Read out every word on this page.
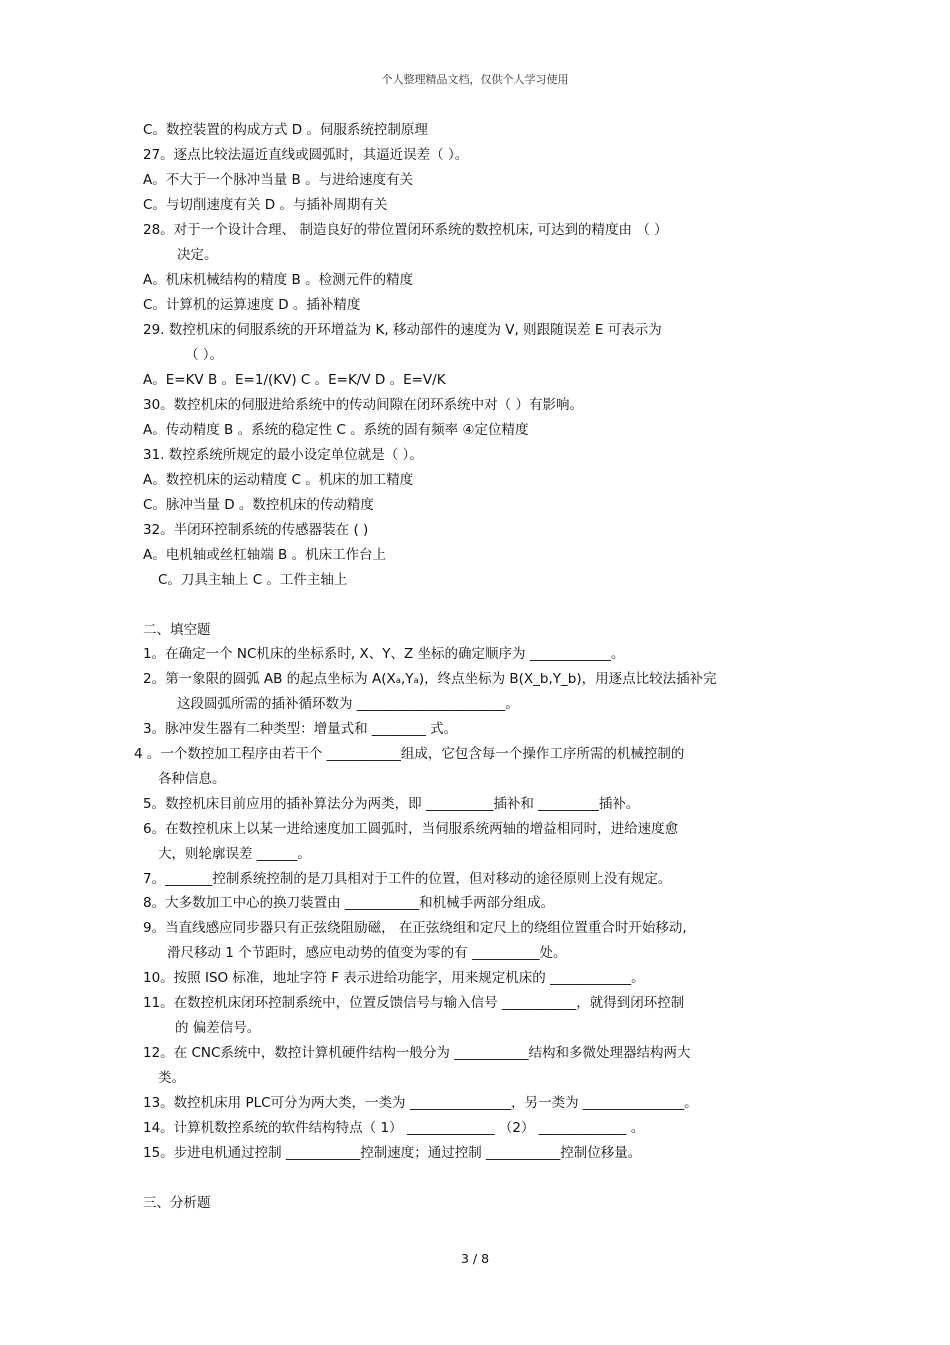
个人整理精品文档，仅供个人学习使用
C。数控装置的构成方式 D 。伺服系统控制原理
27。逐点比较法逼近直线或圆弧时，其逼近误差（ ）。
A。不大于一个脉冲当量 B 。与进给速度有关
C。与切削速度有关 D 。与插补周期有关
28。对于一个设计合理、 制造良好的带位置闭环系统的数控机床, 可达到的精度由 （ ）
决定。
A。机床机械结构的精度 B 。检测元件的精度
C。计算机的运算速度 D 。插补精度
29. 数控机床的伺服系统的开环增益为 K, 移动部件的速度为 V, 则跟随误差 E 可表示为
（ ）。
A。E=KV B 。E=1/(KV) C 。E=K/V D 。E=V/K
30。数控机床的伺服进给系统中的传动间隙在闭环系统中对（ ）有影响。
A。传动精度 B 。系统的稳定性 C 。系统的固有频率 ④定位精度
31. 数控系统所规定的最小设定单位就是（ ）。
A。数控机床的运动精度 C 。机床的加工精度
C。脉冲当量 D 。数控机床的传动精度
32。半闭环控制系统的传感器装在 ( )
A。电机轴或丝杠轴端 B 。机床工作台上
C。刀具主轴上 C 。工件主轴上
二、填空题
1。在确定一个 NC机床的坐标系时, X、Y、Z 坐标的确定顺序为 ____________。
2。第一象限的圆弧 AB 的起点坐标为 A(Xₐ,Yₐ)，终点坐标为 B(X_b,Y_b)，用逐点比较法插补完
这段圆弧所需的插补循环数为 ______________________。
3。脉冲发生器有二种类型：增量式和 ________ 式。
4 。一个数控加工程序由若干个 ___________组成，它包含每一个操作工序所需的机械控制的
各种信息。
5。数控机床目前应用的插补算法分为两类，即 __________插补和 _________插补。
6。在数控机床上以某一进给速度加工圆弧时，当伺服系统两轴的增益相同时，进给速度愈
大，则轮廓误差 ______。
7。_______控制系统控制的是刀具相对于工件的位置，但对移动的途径原则上没有规定。
8。大多数加工中心的换刀装置由 ___________和机械手两部分组成。
9。当直线感应同步器只有正弦绕阻励磁， 在正弦绕组和定尺上的绕组位置重合时开始移动,
滑尺移动 1 个节距时，感应电动势的值变为零的有 __________处。
10。按照 ISO 标准，地址字符 F 表示进给功能字，用来规定机床的 ____________。
11。在数控机床闭环控制系统中，位置反馈信号与输入信号 ___________，就得到闭环控制
的 偏差信号。
12。在 CNC系统中，数控计算机硬件结构一般分为 ___________结构和多微处理器结构两大
类。
13。数控机床用 PLC可分为两大类，一类为 _______________，另一类为 _______________。
14。计算机数控系统的软件结构特点（ 1） _____________ （2） _____________ 。
15。步进电机通过控制 ___________控制速度；通过控制 ___________控制位移量。
三、分析题
3 / 8
